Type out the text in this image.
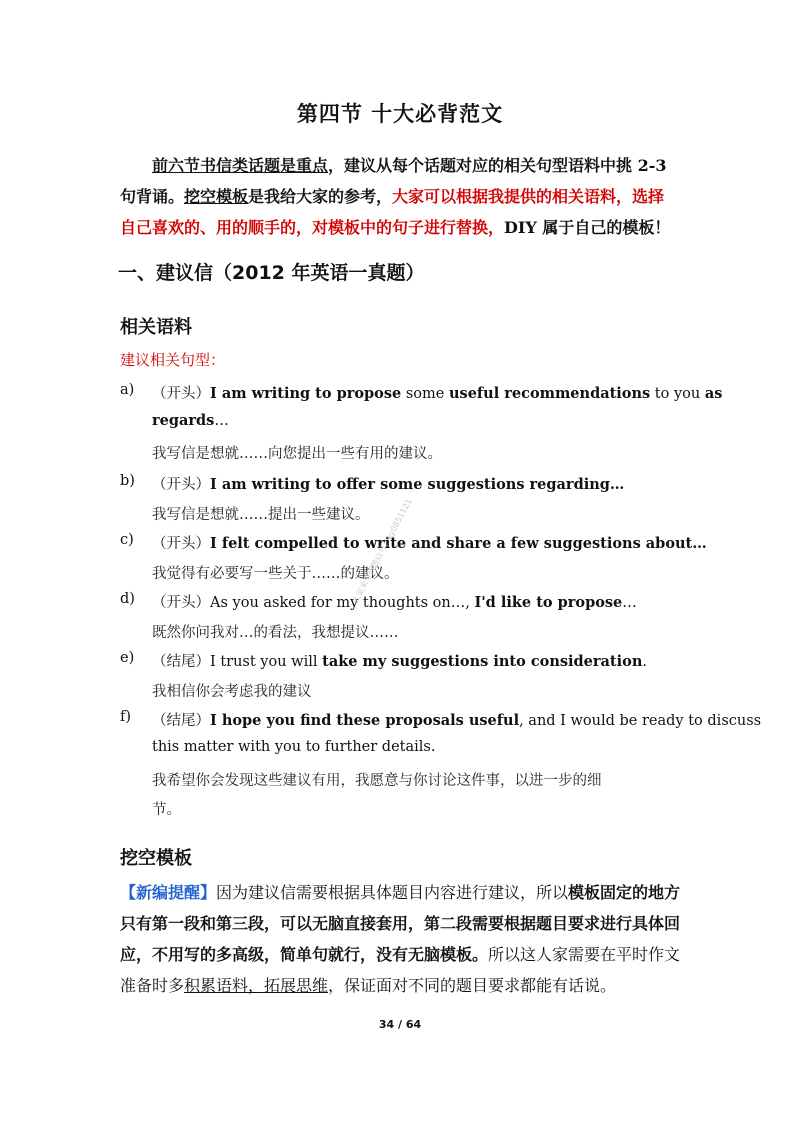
第四节 十大必背范文
前六节书信类话题是重点，建议从每个话题对应的相关句型语料中挑 2-3 句背诵。挖空模板是我给大家的参考，大家可以根据我提供的相关语料，选择自己喜欢的、用的顺手的，对模板中的句子进行替换，DIY 属于自己的模板！
一、建议信（2012 年英语一真题）
相关语料
建议相关句型：
a) （开头）I am writing to propose some useful recommendations to you as
regards…
我写信是想就……向您提出一些有用的建议。
b) （开头）I am writing to offer some suggestions regarding…
我写信是想就……提出一些建议。
c) （开头）I felt compelled to write and share a few suggestions about…
我觉得有必要写一些关于……的建议。
d) （开头）As you asked for my thoughts on…, I'd like to propose…
既然你问我对…的看法，我想提议……
e) （结尾）I trust you will take my suggestions into consideration.
我相信你会考虑我的建议
f) （结尾）I hope you find these proposals useful, and I would be ready to discuss
this matter with you to further details.
我希望你会发现这些建议有用，我愿意与你讨论这件事，以进一步的细
节。
挖空模板
【新编提醒】因为建议信需要根据具体题目内容进行建议，所以模板固定的地方只有第一段和第三段，可以无脑直接套用，第二段需要根据题目要求进行具体回应，不用写的多高级，简单句就行，没有无脑模板。所以这人家需要在平时作文准备时多积累语料，拓展思维，保证面对不同的题目要求都能有话说。
34 / 64
大家来考研微信号：ky0851121
